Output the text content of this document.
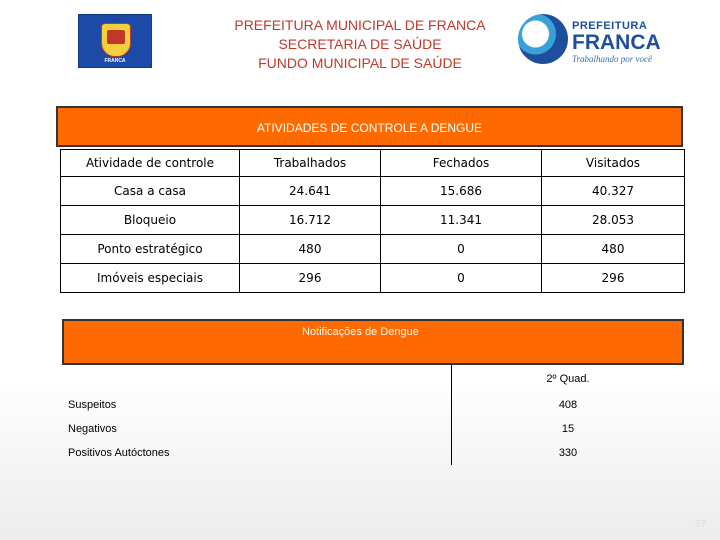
FRANCA
PREFEITURA MUNICIPAL DE FRANCA
SECRETARIA DE SAÚDE
FUNDO MUNICIPAL DE SAÚDE
PREFEITURA
FRANCA
Trabalhando por você
ATIVIDADES DE CONTROLE A DENGUE
Atividade de controle	Trabalhados	Fechados	Visitados
Casa a casa	24.641	15.686	40.327
Bloqueio	16.712	11.341	28.053
Ponto estratégico	480	0	480
Imóveis especiais	296	0	296
Notificações de Dengue
	2º Quad.
Suspeitos	408
Negativos	15
Positivos Autóctones	330
37
